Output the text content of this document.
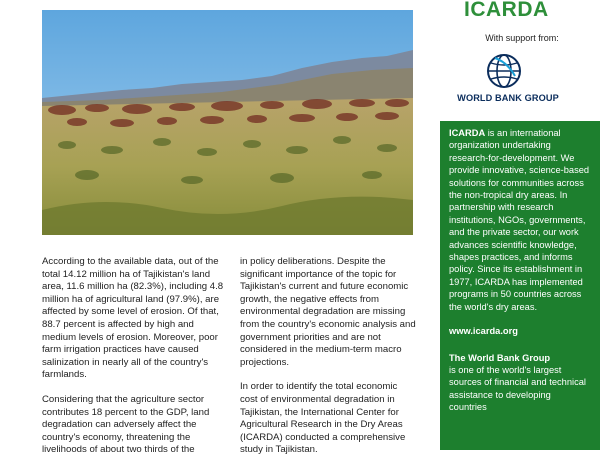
According to the available data, out of the total 14.12 million ha of Tajikistan's land area, 11.6 million ha (82.3%), including 4.8 million ha of agricultural land (97.9%), are affected by some level of erosion. Of that, 88.7 percent is affected by high and medium levels of erosion. Moreover, poor farm irrigation practices have caused salinization in nearly all of the country's farmlands.

Considering that the agriculture sector contributes 18 percent to the GDP, land degradation can adversely affect the country's economy, threatening the livelihoods of about two thirds of the

in policy deliberations. Despite the significant importance of the topic for Tajikistan's current and future economic growth, the negative effects from environmental degradation are missing from the country's economic analysis and government priorities and are not considered in the medium-term macro projections.

In order to identify the total economic cost of environmental degradation in Tajikistan, the International Center for Agricultural Research in the Dry Areas (ICARDA) conducted a comprehensive study in Tajikistan.

ICARDA
With support from:
WORLD BANK GROUP

ICARDA is an international organization undertaking research-for-development. We provide innovative, science-based solutions for communities across the non-tropical dry areas. In partnership with research institutions, NGOs, governments, and the private sector, our work advances scientific knowledge, shapes practices, and informs policy. Since its establishment in 1977, ICARDA has implemented programs in 50 countries across the world's dry areas.

www.icarda.org

The World Bank Group
is one of the world's largest sources of financial and technical assistance to developing countries
